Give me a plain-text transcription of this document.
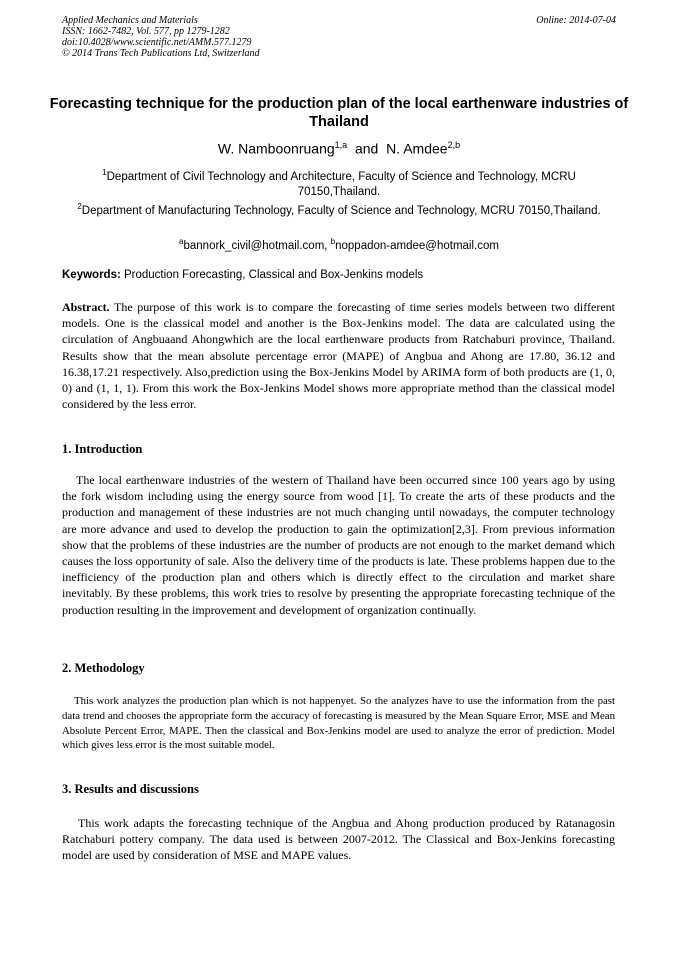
Applied Mechanics and Materials
ISSN: 1662-7482, Vol. 577, pp 1279-1282
doi:10.4028/www.scientific.net/AMM.577.1279
© 2014 Trans Tech Publications Ltd, Switzerland
Online: 2014-07-04
Forecasting technique for the production plan of the local earthenware industries of Thailand
W. Namboonruang$^{1,a}$ and N. Amdee$^{2,b}$
$^1$Department of Civil Technology and Architecture, Faculty of Science and Technology, MCRU 70150,Thailand.
$^2$Department of Manufacturing Technology, Faculty of Science and Technology, MCRU 70150,Thailand.
$^a$bannork_civil@hotmail.com, $^b$noppadon-amdee@hotmail.com
Keywords: Production Forecasting, Classical and Box-Jenkins models
Abstract. The purpose of this work is to compare the forecasting of time series models between two different models. One is the classical model and another is the Box-Jenkins model. The data are calculated using the circulation of Angbuaand Ahongwhich are the local earthenware products from Ratchaburi province, Thailand. Results show that the mean absolute percentage error (MAPE) of Angbua and Ahong are 17.80, 36.12 and 16.38,17.21 respectively. Also,prediction using the Box-Jenkins Model by ARIMA form of both products are (1, 0, 0) and (1, 1, 1). From this work the Box-Jenkins Model shows more appropriate method than the classical model considered by the less error.
1. Introduction
The local earthenware industries of the western of Thailand have been occurred since 100 years ago by using the fork wisdom including using the energy source from wood [1]. To create the arts of these products and the production and management of these industries are not much changing until nowadays, the computer technology are more advance and used to develop the production to gain the optimization[2,3]. From previous information show that the problems of these industries are the number of products are not enough to the market demand which causes the loss opportunity of sale. Also the delivery time of the products is late. These problems happen due to the inefficiency of the production plan and others which is directly effect to the circulation and market share inevitably. By these problems, this work tries to resolve by presenting the appropriate forecasting technique of the production resulting in the improvement and development of organization continually.
2. Methodology
This work analyzes the production plan which is not happenyet. So the analyzes have to use the information from the past data trend and chooses the appropriate form the accuracy of forecasting is measured by the Mean Square Error, MSE and Mean Absolute Percent Error, MAPE. Then the classical and Box-Jenkins model are used to analyze the error of prediction. Model which gives less error is the most suitable model.
3. Results and discussions
This work adapts the forecasting technique of the Angbua and Ahong production produced by Ratanagosin Ratchaburi pottery company. The data used is between 2007-2012. The Classical and Box-Jenkins forecasting model are used by consideration of MSE and MAPE values.
